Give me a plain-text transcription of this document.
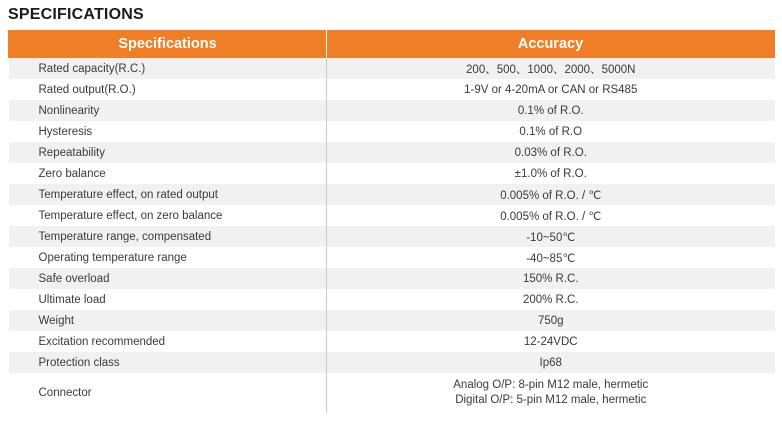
SPECIFICATIONS
Specifications	Accuracy
Rated capacity(R.C.)	200、500、1000、2000、5000N
Rated output(R.O.)	1-9V or 4-20mA or CAN or RS485
Nonlinearity	0.1% of R.O.
Hysteresis	0.1% of R.O
Repeatability	0.03% of R.O.
Zero balance	±1.0% of R.O.
Temperature effect, on rated output	0.005% of R.O. / ℃
Temperature effect, on zero balance	0.005% of R.O. / ℃
Temperature range, compensated	-10~50℃
Operating temperature range	-40~85℃
Safe overload	150% R.C.
Ultimate load	200% R.C.
Weight	750g
Excitation recommended	12-24VDC
Protection class	Ip68
Connector	Analog O/P: 8-pin M12 male, hermetic
Digital O/P: 5-pin M12 male, hermetic
